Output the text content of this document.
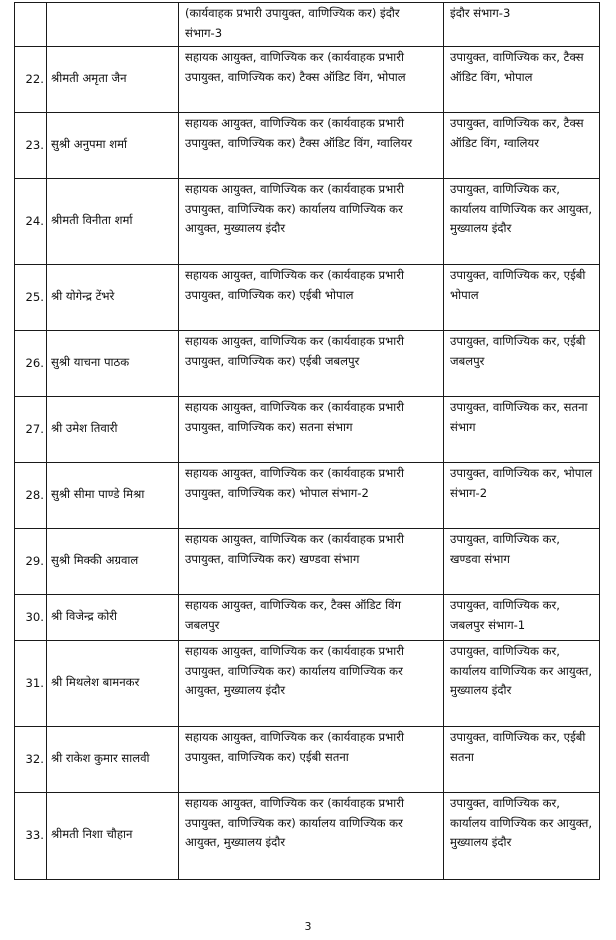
		(कार्यवाहक प्रभारी उपायुक्त, वाणिज्यिक कर) इंदौर संभाग-3	इंदौर संभाग-3
22.	श्रीमती अमृता जैन	सहायक आयुक्त, वाणिज्यिक कर (कार्यवाहक प्रभारी उपायुक्त, वाणिज्यिक कर) टैक्स ऑडिट विंग, भोपाल	उपायुक्त, वाणिज्यिक कर, टैक्स ऑडिट विंग, भोपाल
23.	सुश्री अनुपमा शर्मा	सहायक आयुक्त, वाणिज्यिक कर (कार्यवाहक प्रभारी उपायुक्त, वाणिज्यिक कर) टैक्स ऑडिट विंग, ग्वालियर	उपायुक्त, वाणिज्यिक कर, टैक्स ऑडिट विंग, ग्वालियर
24.	श्रीमती विनीता शर्मा	सहायक आयुक्त, वाणिज्यिक कर (कार्यवाहक प्रभारी उपायुक्त, वाणिज्यिक कर) कार्यालय वाणिज्यिक कर आयुक्त, मुख्यालय इंदौर	उपायुक्त, वाणिज्यिक कर, कार्यालय वाणिज्यिक कर आयुक्त, मुख्यालय इंदौर
25.	श्री योगेन्द्र टेंभरे	सहायक आयुक्त, वाणिज्यिक कर (कार्यवाहक प्रभारी उपायुक्त, वाणिज्यिक कर) एईबी भोपाल	उपायुक्त, वाणिज्यिक कर, एईबी भोपाल
26.	सुश्री याचना पाठक	सहायक आयुक्त, वाणिज्यिक कर (कार्यवाहक प्रभारी उपायुक्त, वाणिज्यिक कर) एईबी जबलपुर	उपायुक्त, वाणिज्यिक कर, एईबी जबलपुर
27.	श्री उमेश तिवारी	सहायक आयुक्त, वाणिज्यिक कर (कार्यवाहक प्रभारी उपायुक्त, वाणिज्यिक कर) सतना संभाग	उपायुक्त, वाणिज्यिक कर, सतना संभाग
28.	सुश्री सीमा पाण्डे मिश्रा	सहायक आयुक्त, वाणिज्यिक कर (कार्यवाहक प्रभारी उपायुक्त, वाणिज्यिक कर) भोपाल संभाग-2	उपायुक्त, वाणिज्यिक कर, भोपाल संभाग-2
29.	सुश्री मिक्की अग्रवाल	सहायक आयुक्त, वाणिज्यिक कर (कार्यवाहक प्रभारी उपायुक्त, वाणिज्यिक कर) खण्डवा संभाग	उपायुक्त, वाणिज्यिक कर, खण्डवा संभाग
30.	श्री विजेन्द्र कोरी	सहायक आयुक्त, वाणिज्यिक कर, टैक्स ऑडिट विंग जबलपुर	उपायुक्त, वाणिज्यिक कर, जबलपुर संभाग-1
31.	श्री मिथलेश बामनकर	सहायक आयुक्त, वाणिज्यिक कर (कार्यवाहक प्रभारी उपायुक्त, वाणिज्यिक कर) कार्यालय वाणिज्यिक कर आयुक्त, मुख्यालय इंदौर	उपायुक्त, वाणिज्यिक कर, कार्यालय वाणिज्यिक कर आयुक्त, मुख्यालय इंदौर
32.	श्री राकेश कुमार सालवी	सहायक आयुक्त, वाणिज्यिक कर (कार्यवाहक प्रभारी उपायुक्त, वाणिज्यिक कर) एईबी सतना	उपायुक्त, वाणिज्यिक कर, एईबी सतना
33.	श्रीमती निशा चौहान	सहायक आयुक्त, वाणिज्यिक कर (कार्यवाहक प्रभारी उपायुक्त, वाणिज्यिक कर) कार्यालय वाणिज्यिक कर आयुक्त, मुख्यालय इंदौर	उपायुक्त, वाणिज्यिक कर, कार्यालय वाणिज्यिक कर आयुक्त, मुख्यालय इंदौर
3
